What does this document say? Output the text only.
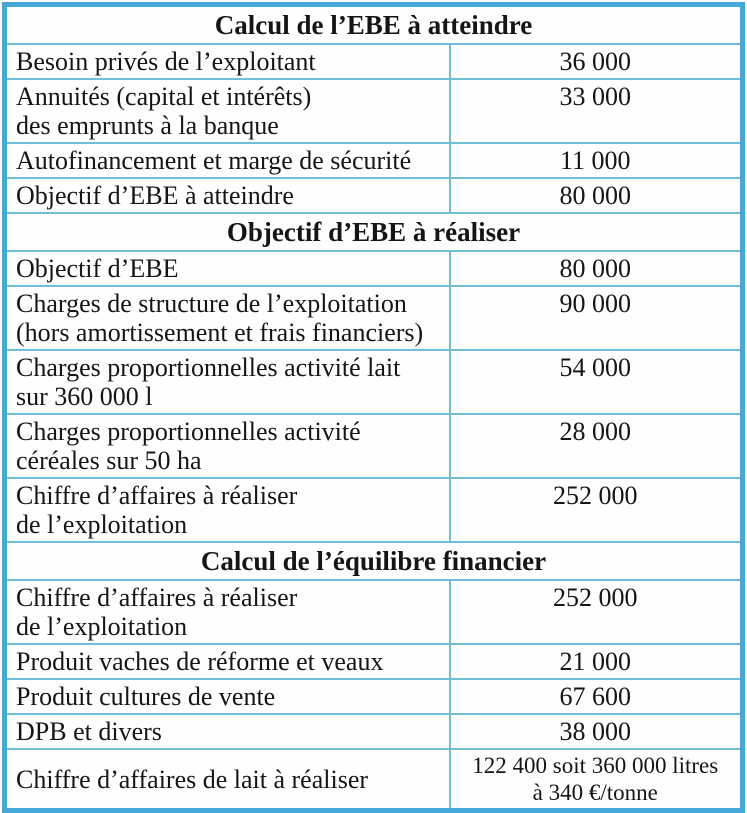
Calcul de l’EBE à atteindre	

Besoin privés de l’exploitant	36 000

Annuités (capital et intérêts)
des emprunts à la banque	33 000

Autofinancement et marge de sécurité	11 000

Objectif d’EBE à atteindre	80 000

Objectif d’EBE à réaliser	

Objectif d’EBE	80 000

Charges de structure de l’exploitation
(hors amortissement et frais financiers)	90 000

Charges proportionnelles activité lait
sur 360 000 l	54 000

Charges proportionnelles activité
céréales sur 50 ha	28 000

Chiffre d’affaires à réaliser
de l’exploitation	252 000

Calcul de l’équilibre financier	

Chiffre d’affaires à réaliser
de l’exploitation	252 000

Produit vaches de réforme et veaux	21 000

Produit cultures de vente	67 600

DPB et divers	38 000

Chiffre d’affaires de lait à réaliser	122 400 soit 360 000 litres
à 340 €/tonne
